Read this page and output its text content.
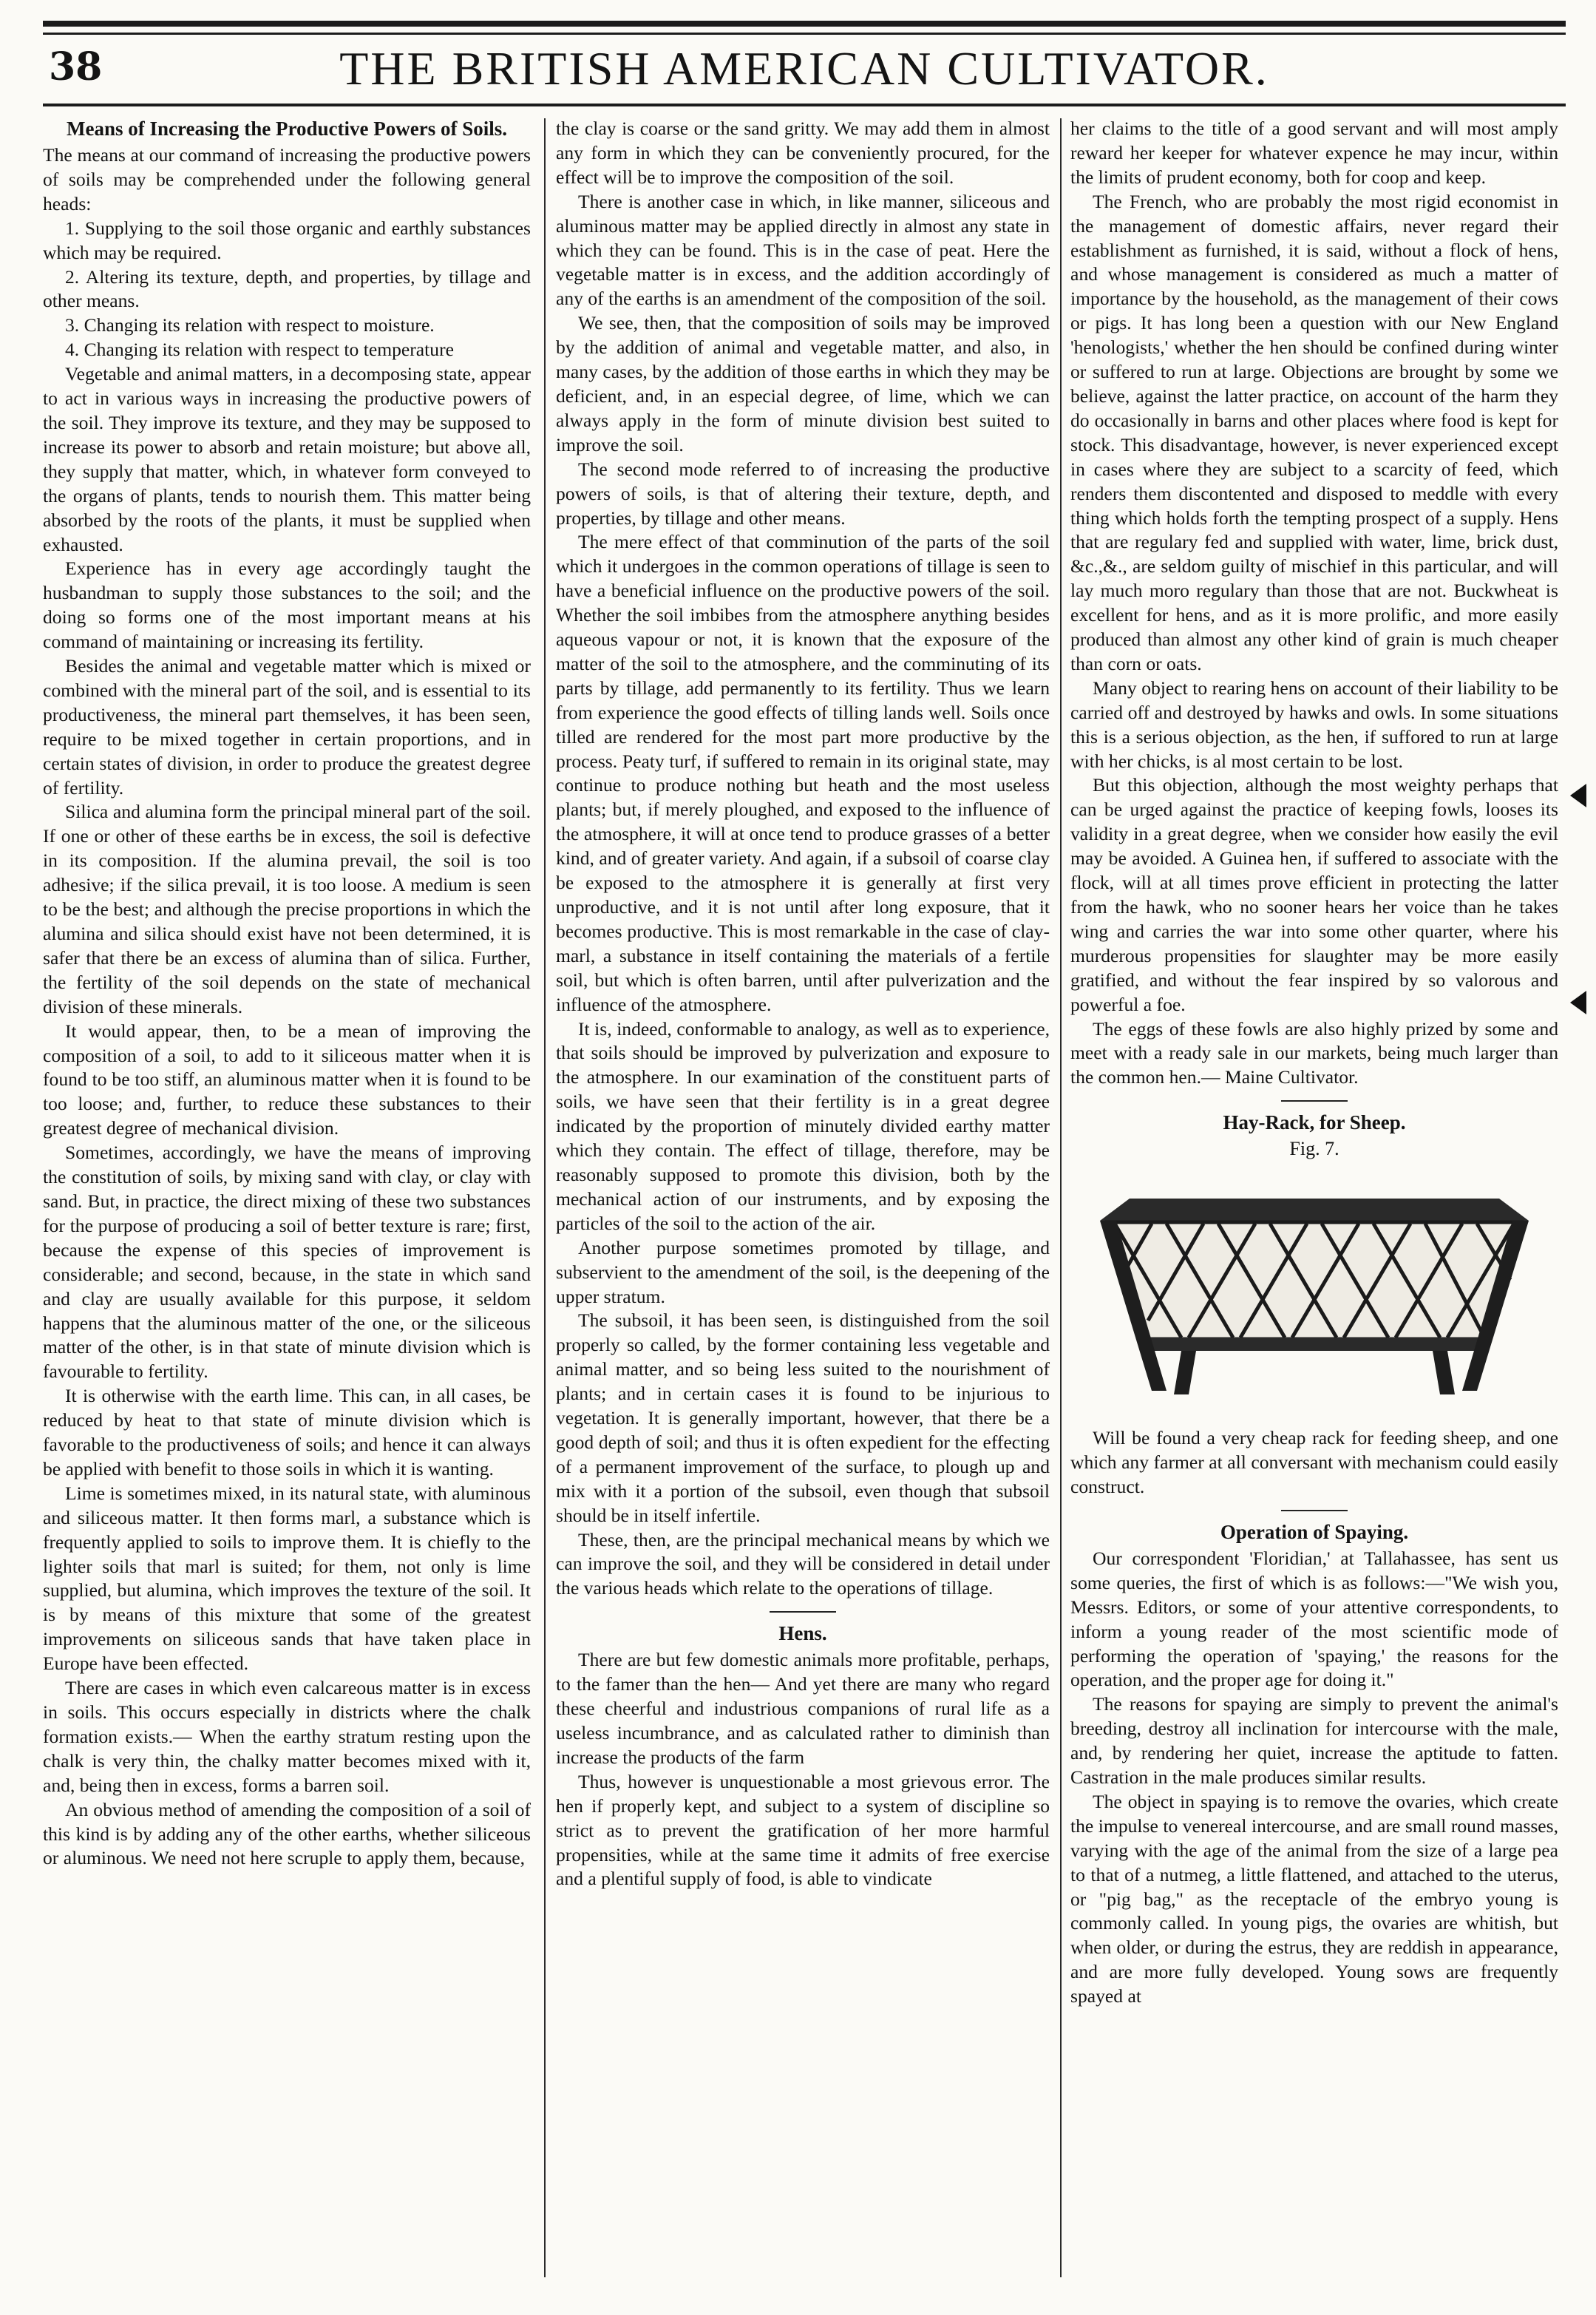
38	THE BRITISH AMERICAN CULTIVATOR.
Means of Increasing the Productive Powers of Soils.

The means at our command of increasing the productive powers of soils may be comprehended under the following general heads:

1. Supplying to the soil those organic and earthly substances which may be required.

2. Altering its texture, depth, and properties, by tillage and other means.

3. Changing its relation with respect to moisture.

4. Changing its relation with respect to temperature

Vegetable and animal matters, in a decomposing state, appear to act in various ways in increasing the productive powers of the soil. They improve its texture, and they may be supposed to increase its power to absorb and retain moisture; but above all, they supply that matter, which, in whatever form conveyed to the organs of plants, tends to nourish them. This matter being absorbed by the roots of the plants, it must be supplied when exhausted.

Experience has in every age accordingly taught the husbandman to supply those substances to the soil; and the doing so forms one of the most important means at his command of maintaining or increasing its fertility.

Besides the animal and vegetable matter which is mixed or combined with the mineral part of the soil, and is essential to its productiveness, the mineral part themselves, it has been seen, require to be mixed together in certain proportions, and in certain states of division, in order to produce the greatest degree of fertility.

Silica and alumina form the principal mineral part of the soil. If one or other of these earths be in excess, the soil is defective in its composition. If the alumina prevail, the soil is too adhesive; if the silica prevail, it is too loose. A medium is seen to be the best; and although the precise proportions in which the alumina and silica should exist have not been determined, it is safer that there be an excess of alumina than of silica. Further, the fertility of the soil depends on the state of mechanical division of these minerals.

It would appear, then, to be a mean of improving the composition of a soil, to add to it siliceous matter when it is found to be too stiff, an aluminous matter when it is found to be too loose; and, further, to reduce these substances to their greatest degree of mechanical division.

Sometimes, accordingly, we have the means of improving the constitution of soils, by mixing sand with clay, or clay with sand. But, in practice, the direct mixing of these two substances for the purpose of producing a soil of better texture is rare; first, because the expense of this species of improvement is considerable; and second, because, in the state in which sand and clay are usually available for this purpose, it seldom happens that the aluminous matter of the one, or the siliceous matter of the other, is in that state of minute division which is favourable to fertility.

It is otherwise with the earth lime. This can, in all cases, be reduced by heat to that state of minute division which is favorable to the productiveness of soils; and hence it can always be applied with benefit to those soils in which it is wanting.

Lime is sometimes mixed, in its natural state, with aluminous and siliceous matter. It then forms marl, a substance which is frequently applied to soils to improve them. It is chiefly to the lighter soils that marl is suited; for them, not only is lime supplied, but alumina, which improves the texture of the soil. It is by means of this mixture that some of the greatest improvements on siliceous sands that have taken place in Europe have been effected.

There are cases in which even calcareous matter is in excess in soils. This occurs especially in districts where the chalk formation exists.— When the earthy stratum resting upon the chalk is very thin, the chalky matter becomes mixed with it, and, being then in excess, forms a barren soil.

An obvious method of amending the composition of a soil of this kind is by adding any of the other earths, whether siliceous or aluminous. We need not here scruple to apply them, because,

the clay is coarse or the sand gritty. We may add them in almost any form in which they can be conveniently procured, for the effect will be to improve the composition of the soil.

There is another case in which, in like manner, siliceous and aluminous matter may be applied directly in almost any state in which they can be found. This is in the case of peat. Here the vegetable matter is in excess, and the addition accordingly of any of the earths is an amendment of the composition of the soil.

We see, then, that the composition of soils may be improved by the addition of animal and vegetable matter, and also, in many cases, by the addition of those earths in which they may be deficient, and, in an especial degree, of lime, which we can always apply in the form of minute division best suited to improve the soil.

The second mode referred to of increasing the productive powers of soils, is that of altering their texture, depth, and properties, by tillage and other means.

The mere effect of that comminution of the parts of the soil which it undergoes in the common operations of tillage is seen to have a beneficial influence on the productive powers of the soil. Whether the soil imbibes from the atmosphere anything besides aqueous vapour or not, it is known that the exposure of the matter of the soil to the atmosphere, and the comminuting of its parts by tillage, add permanently to its fertility. Thus we learn from experience the good effects of tilling lands well. Soils once tilled are rendered for the most part more productive by the process. Peaty turf, if suffered to remain in its original state, may continue to produce nothing but heath and the most useless plants; but, if merely ploughed, and exposed to the influence of the atmosphere, it will at once tend to produce grasses of a better kind, and of greater variety. And again, if a subsoil of coarse clay be exposed to the atmosphere it is generally at first very unproductive, and it is not until after long exposure, that it becomes productive. This is most remarkable in the case of clay-marl, a substance in itself containing the materials of a fertile soil, but which is often barren, until after pulverization and the influence of the atmosphere.

It is, indeed, conformable to analogy, as well as to experience, that soils should be improved by pulverization and exposure to the atmosphere. In our examination of the constituent parts of soils, we have seen that their fertility is in a great degree indicated by the proportion of minutely divided earthy matter which they contain. The effect of tillage, therefore, may be reasonably supposed to promote this division, both by the mechanical action of our instruments, and by exposing the particles of the soil to the action of the air.

Another purpose sometimes promoted by tillage, and subservient to the amendment of the soil, is the deepening of the upper stratum.

The subsoil, it has been seen, is distinguished from the soil properly so called, by the former containing less vegetable and animal matter, and so being less suited to the nourishment of plants; and in certain cases it is found to be injurious to vegetation. It is generally important, however, that there be a good depth of soil; and thus it is often expedient for the effecting of a permanent improvement of the surface, to plough up and mix with it a portion of the subsoil, even though that subsoil should be in itself infertile.

These, then, are the principal mechanical means by which we can improve the soil, and they will be considered in detail under the various heads which relate to the operations of tillage.

Hens.

There are but few domestic animals more profitable, perhaps, to the famer than the hen— And yet there are many who regard these cheerful and industrious companions of rural life as a useless incumbrance, and as calculated rather to diminish than increase the products of the farm

Thus, however is unquestionable a most grievous error. The hen if properly kept, and subject to a system of discipline so strict as to prevent the gratification of her more harmful propensities, while at the same time it admits of free exercise and a plentiful supply of food, is able to vindicate

her claims to the title of a good servant and will most amply reward her keeper for whatever expence he may incur, within the limits of prudent economy, both for coop and keep.

The French, who are probably the most rigid economist in the management of domestic affairs, never regard their establishment as furnished, it is said, without a flock of hens, and whose management is considered as much a matter of importance by the household, as the management of their cows or pigs. It has long been a question with our New England 'henologists,' whether the hen should be confined during winter or suffered to run at large. Objections are brought by some we believe, against the latter practice, on account of the harm they do occasionally in barns and other places where food is kept for stock. This disadvantage, however, is never experienced except in cases where they are subject to a scarcity of feed, which renders them discontented and disposed to meddle with every thing which holds forth the tempting prospect of a supply. Hens that are regulary fed and supplied with water, lime, brick dust, &c.,&., are seldom guilty of mischief in this particular, and will lay much moro regulary than those that are not. Buckwheat is excellent for hens, and as it is more prolific, and more easily produced than almost any other kind of grain is much cheaper than corn or oats.

Many object to rearing hens on account of their liability to be carried off and destroyed by hawks and owls. In some situations this is a serious objection, as the hen, if suffored to run at large with her chicks, is al most certain to be lost.

But this objection, although the most weighty perhaps that can be urged against the practice of keeping fowls, looses its validity in a great degree, when we consider how easily the evil may be avoided. A Guinea hen, if suffered to associate with the flock, will at all times prove efficient in protecting the latter from the hawk, who no sooner hears her voice than he takes wing and carries the war into some other quarter, where his murderous propensities for slaughter may be more easily gratified, and without the fear inspired by so valorous and powerful a foe.

The eggs of these fowls are also highly prized by some and meet with a ready sale in our markets, being much larger than the common hen.— Maine Cultivator.

Hay-Rack, for Sheep.
Fig. 7.

Will be found a very cheap rack for feeding sheep, and one which any farmer at all conversant with mechanism could easily construct.

Operation of Spaying.

Our correspondent 'Floridian,' at Tallahassee, has sent us some queries, the first of which is as follows:—"We wish you, Messrs. Editors, or some of your attentive correspondents, to inform a young reader of the most scientific mode of performing the operation of 'spaying,' the reasons for the operation, and the proper age for doing it."

The reasons for spaying are simply to prevent the animal's breeding, destroy all inclination for intercourse with the male, and, by rendering her quiet, increase the aptitude to fatten. Castration in the male produces similar results.

The object in spaying is to remove the ovaries, which create the impulse to venereal intercourse, and are small round masses, varying with the age of the animal from the size of a large pea to that of a nutmeg, a little flattened, and attached to the uterus, or "pig bag," as the receptacle of the embryo young is commonly called. In young pigs, the ovaries are whitish, but when older, or during the estrus, they are reddish in appearance, and are more fully developed. Young sows are frequently spayed at
